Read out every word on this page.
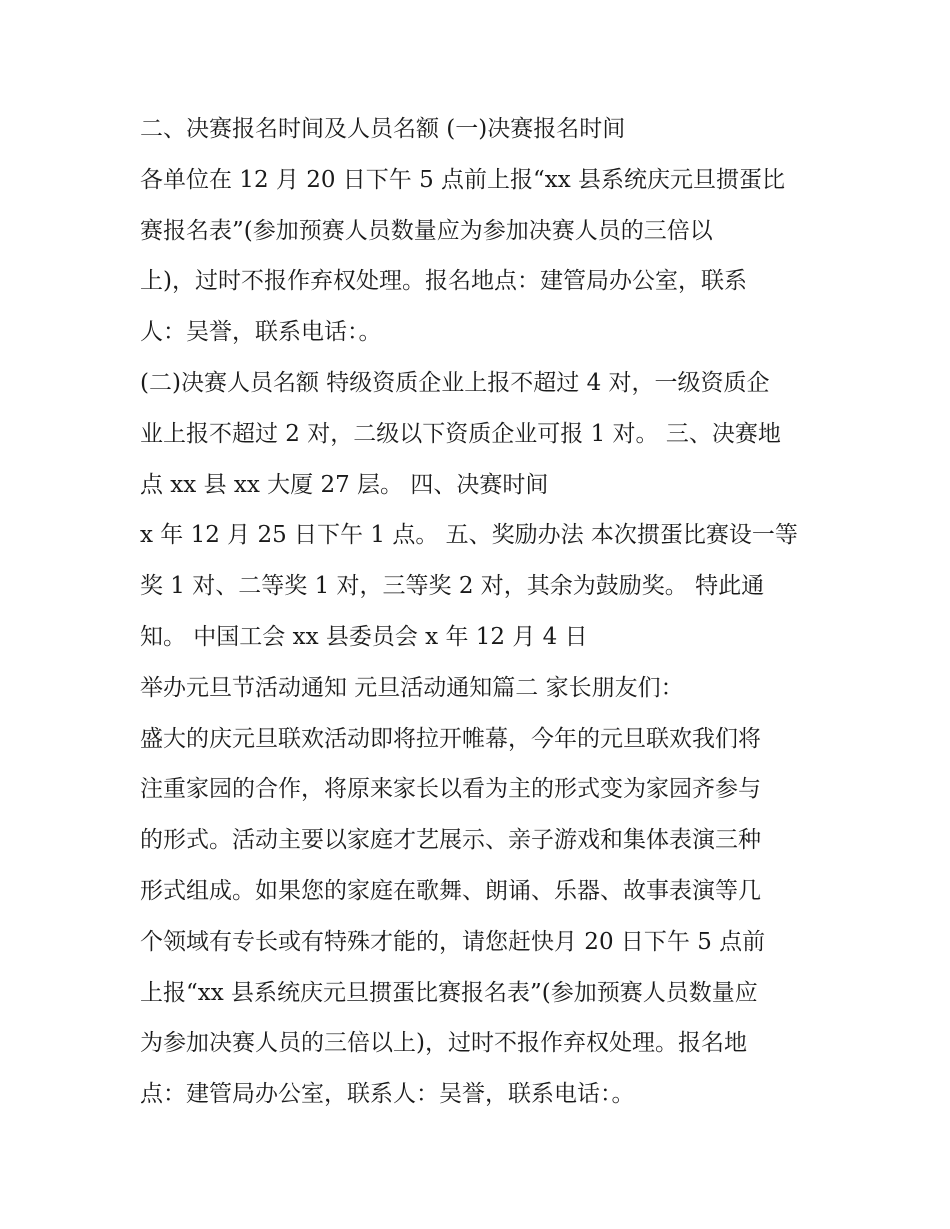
二、决赛报名时间及人员名额 (一)决赛报名时间
各单位在 12 月 20 日下午 5 点前上报“xx 县系统庆元旦掼蛋比
赛报名表”(参加预赛人员数量应为参加决赛人员的三倍以
上)，过时不报作弃权处理。报名地点：建管局办公室，联系
人：吴誉，联系电话：。
(二)决赛人员名额 特级资质企业上报不超过 4 对，一级资质企
业上报不超过 2 对，二级以下资质企业可报 1 对。 三、决赛地
点 xx 县 xx 大厦 27 层。 四、决赛时间
x 年 12 月 25 日下午 1 点。 五、奖励办法 本次掼蛋比赛设一等
奖 1 对、二等奖 1 对，三等奖 2 对，其余为鼓励奖。 特此通
知。 中国工会 xx 县委员会 x 年 12 月 4 日
举办元旦节活动通知 元旦活动通知篇二 家长朋友们：
盛大的庆元旦联欢活动即将拉开帷幕，今年的元旦联欢我们将
注重家园的合作，将原来家长以看为主的形式变为家园齐参与
的形式。活动主要以家庭才艺展示、亲子游戏和集体表演三种
形式组成。如果您的家庭在歌舞、朗诵、乐器、故事表演等几
个领域有专长或有特殊才能的，请您赶快月 20 日下午 5 点前
上报“xx 县系统庆元旦掼蛋比赛报名表”(参加预赛人员数量应
为参加决赛人员的三倍以上)，过时不报作弃权处理。报名地
点：建管局办公室，联系人：吴誉，联系电话：。
